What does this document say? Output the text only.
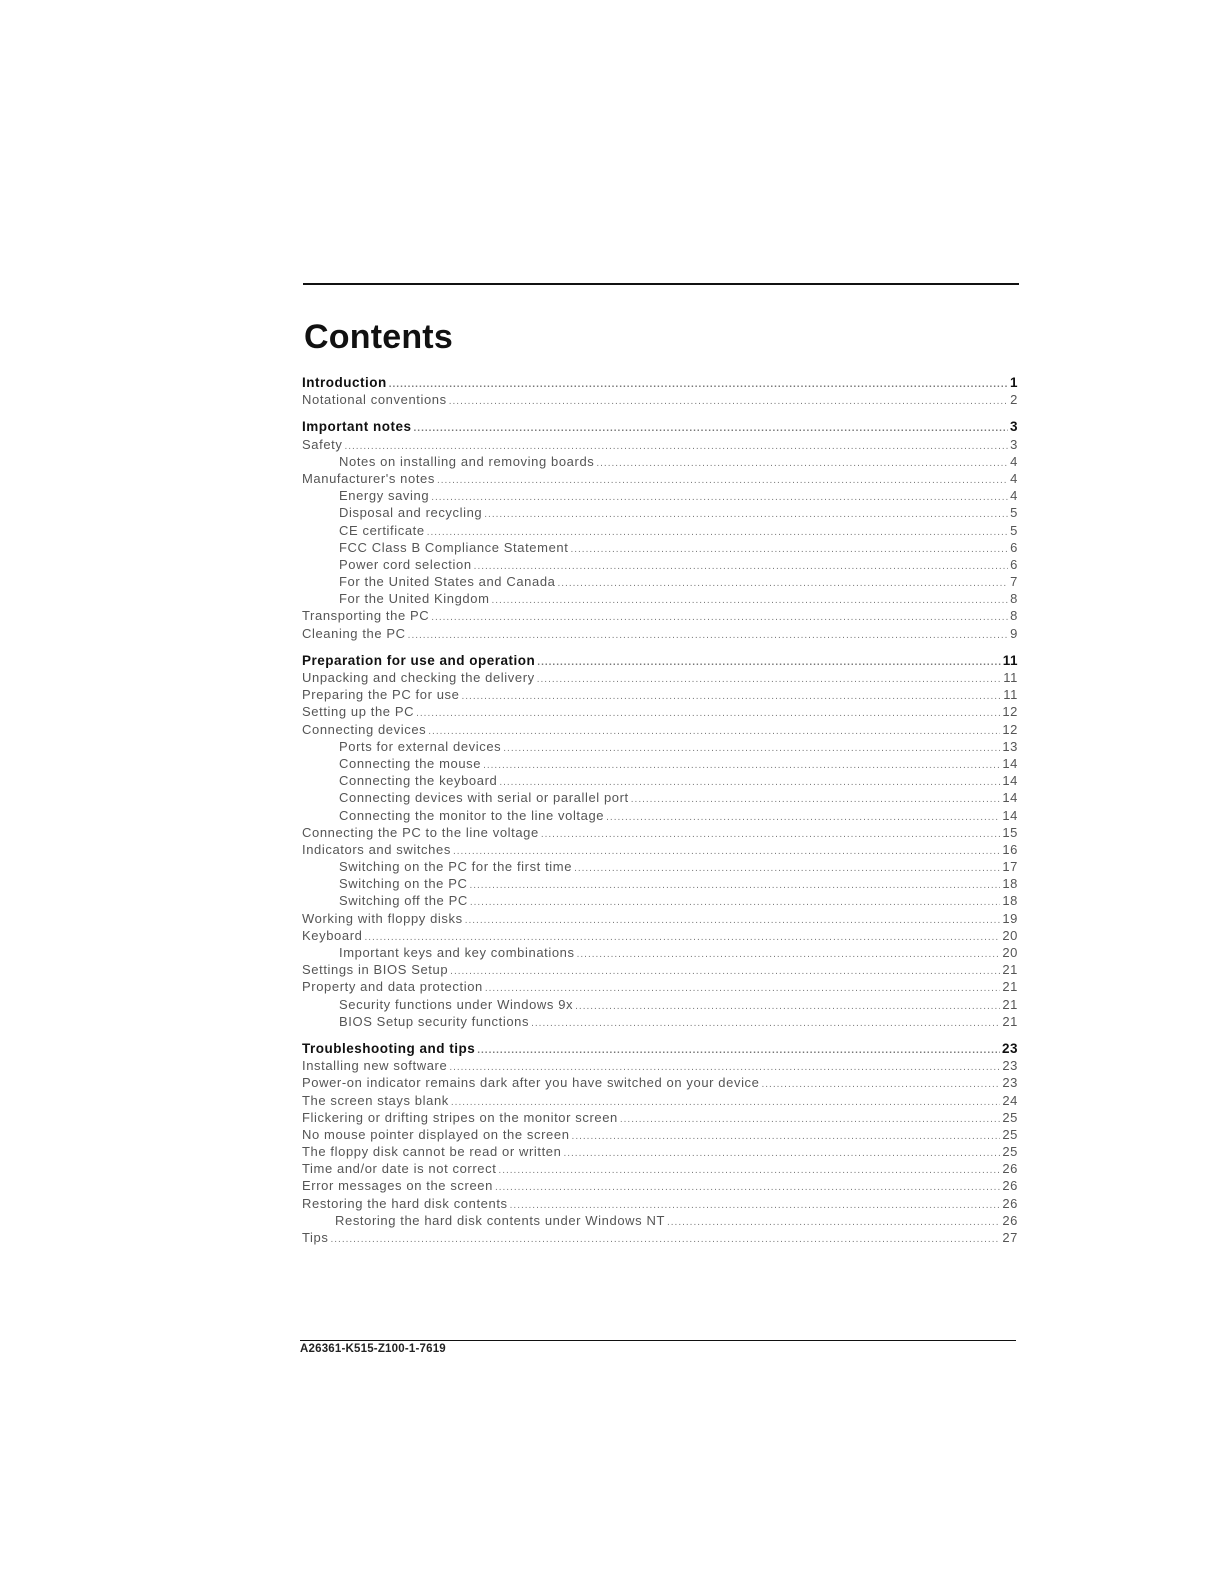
Contents
Introduction .....	1
Notational conventions .....	2
Important notes .....	3
Safety .....	3
Notes on installing and removing boards .....	4
Manufacturer's notes .....	4
Energy saving .....	4
Disposal and recycling .....	5
CE certificate .....	5
FCC Class B Compliance Statement .....	6
Power cord selection .....	6
For the United States and Canada .....	7
For the United Kingdom .....	8
Transporting the PC .....	8
Cleaning the PC .....	9
Preparation for use and operation .....	11
Unpacking and checking the delivery .....	11
Preparing the PC for use .....	11
Setting up the PC .....	12
Connecting devices .....	12
Ports for external devices .....	13
Connecting the mouse .....	14
Connecting the keyboard .....	14
Connecting devices with serial or parallel port .....	14
Connecting the monitor to the line voltage .....	14
Connecting the PC to the line voltage .....	15
Indicators and switches .....	16
Switching on the PC for the first time .....	17
Switching on the PC .....	18
Switching off the PC .....	18
Working with floppy disks .....	19
Keyboard .....	20
Important keys and key combinations .....	20
Settings in BIOS Setup .....	21
Property and data protection .....	21
Security functions under Windows 9x .....	21
BIOS Setup security functions .....	21
Troubleshooting and tips .....	23
Installing new software .....	23
Power-on indicator remains dark after you have switched on your device .....	23
The screen stays blank .....	24
Flickering or drifting stripes on the monitor screen .....	25
No mouse pointer displayed on the screen .....	25
The floppy disk cannot be read or written .....	25
Time and/or date is not correct .....	26
Error messages on the screen .....	26
Restoring the hard disk contents .....	26
Restoring the hard disk contents under Windows NT .....	26
Tips .....	27
A26361-K515-Z100-1-7619
